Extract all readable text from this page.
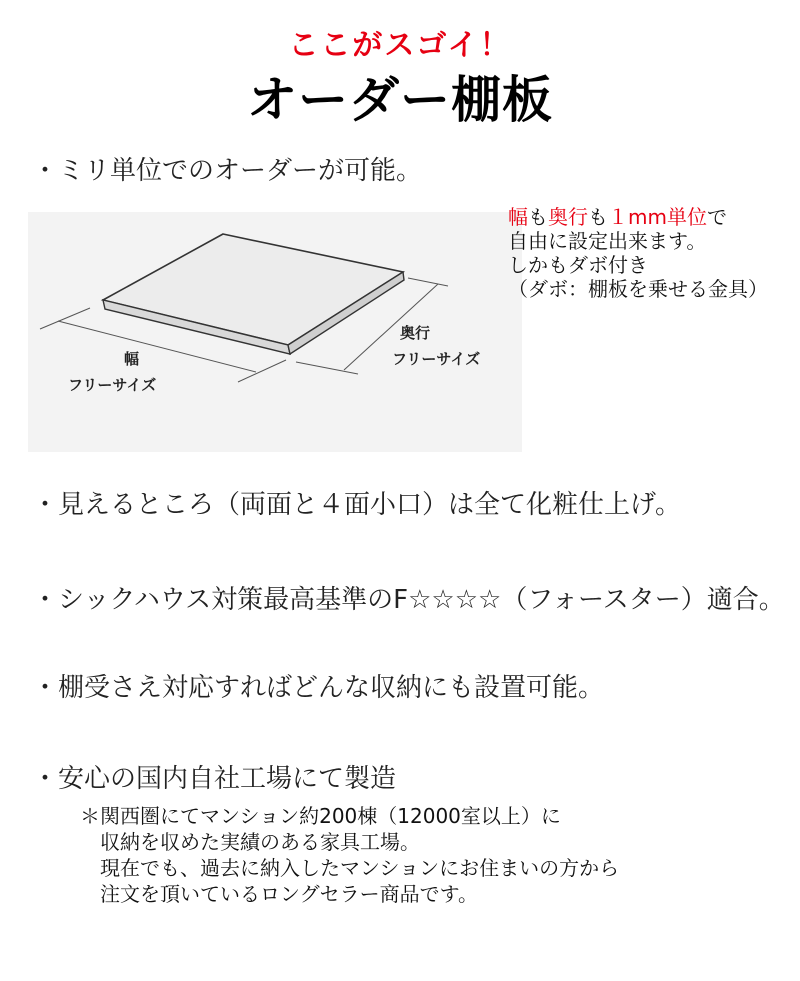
ここがスゴイ！
オーダー棚板
・ミリ単位でのオーダーが可能。
幅
フリーサイズ
奥行
フリーサイズ
幅も奥行も１mm単位で
自由に設定出来ます。
しかもダボ付き
（ダボ：棚板を乗せる金具）
・見えるところ（両面と４面小口）は全て化粧仕上げ。
・シックハウス対策最高基準のF☆☆☆☆（フォースター）適合。
・棚受さえ対応すればどんな収納にも設置可能。
・安心の国内自社工場にて製造
＊関西圏にてマンション約200棟（12000室以上）に
収納を収めた実績のある家具工場。
現在でも、過去に納入したマンションにお住まいの方から
注文を頂いているロングセラー商品です。
